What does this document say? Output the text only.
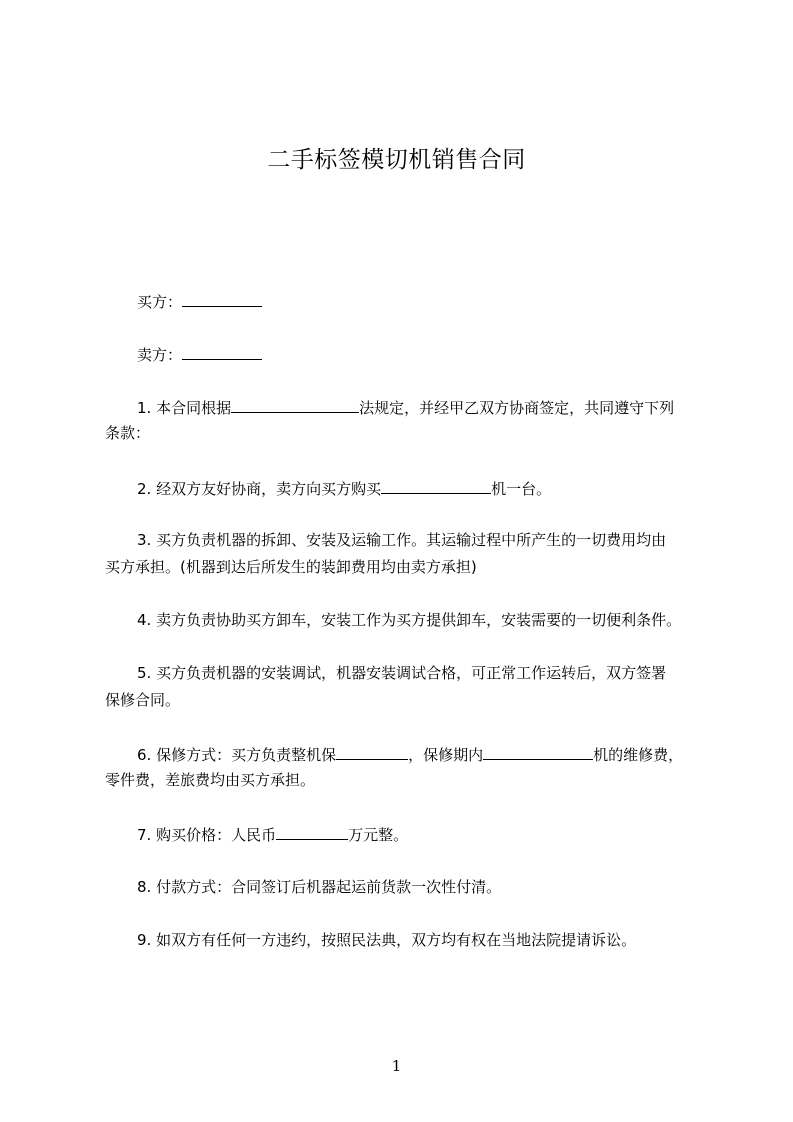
二手标签模切机销售合同
买方：
卖方：
1. 本合同根据	法规定，并经甲乙双方协商签定，共同遵守下列
条款：
2. 经双方友好协商，卖方向买方购买	机一台。
3. 买方负责机器的拆卸、安装及运输工作。其运输过程中所产生的一切费用均由
买方承担。(机器到达后所发生的装卸费用均由卖方承担)
4. 卖方负责协助买方卸车，安装工作为买方提供卸车，安装需要的一切便利条件。
5. 买方负责机器的安装调试，机器安装调试合格，可正常工作运转后，双方签署
保修合同。
6. 保修方式：买方负责整机保	，保修期内	机的维修费，
零件费，差旅费均由买方承担。
7. 购买价格：人民币	万元整。
8. 付款方式：合同签订后机器起运前货款一次性付清。
9. 如双方有任何一方违约，按照民法典，双方均有权在当地法院提请诉讼。
1
